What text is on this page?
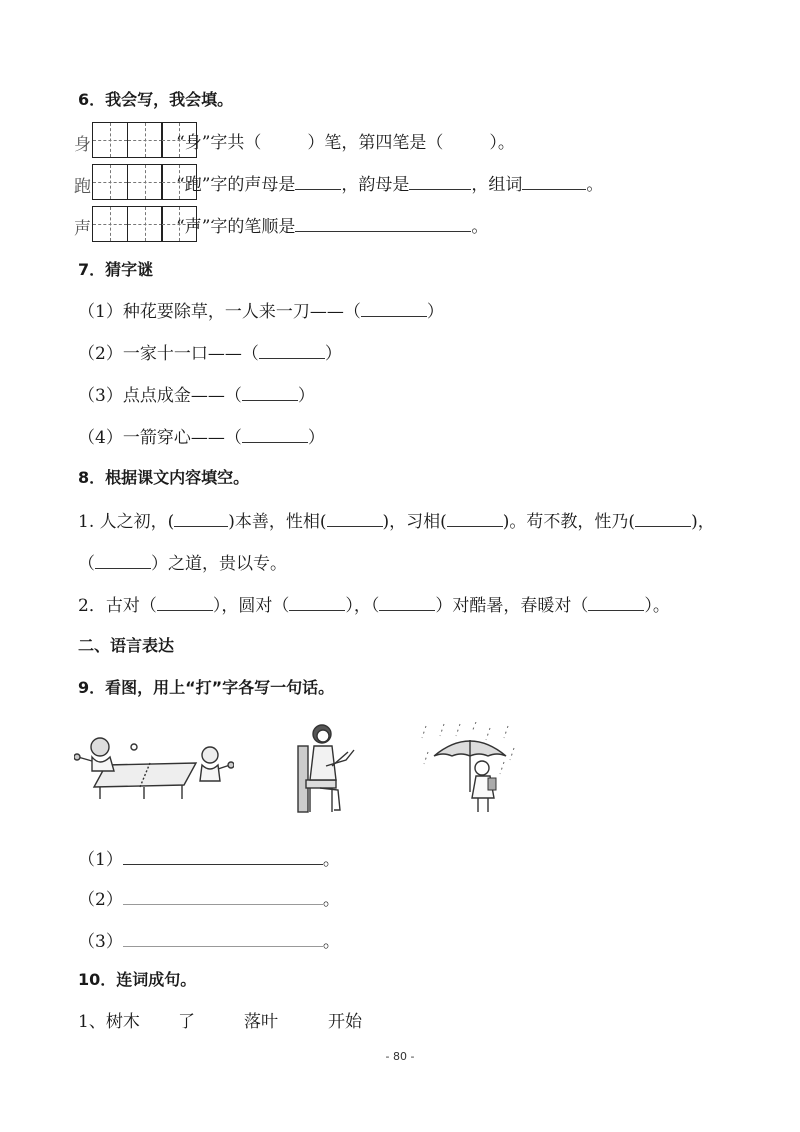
6．我会写，我会填。
身	“身”字共（	）笔，第四笔是（	）。
跑	“跑”字的声母是	，韵母是	，组词	。
声	“声”字的笔顺是	。
7．猜字谜
（1）种花要除草，一人来一刀——（	）
（2）一家十一口——（	）
（3）点点成金——（	）
（4）一箭穿心——（	）
8．根据课文内容填空。
1. 人之初，(	)本善，性相(	)，习相(	)。苟不教，性乃(	)，
（	）之道，贵以专。
2．古对（	），圆对（	），（	）对酷暑，春暖对（	）。
二、语言表达
9．看图，用上“打”字各写一句话。
（1）	。
（2）	。
（3）	。
10．连词成句。
1、树木 了	落叶	开始
- 80 -
